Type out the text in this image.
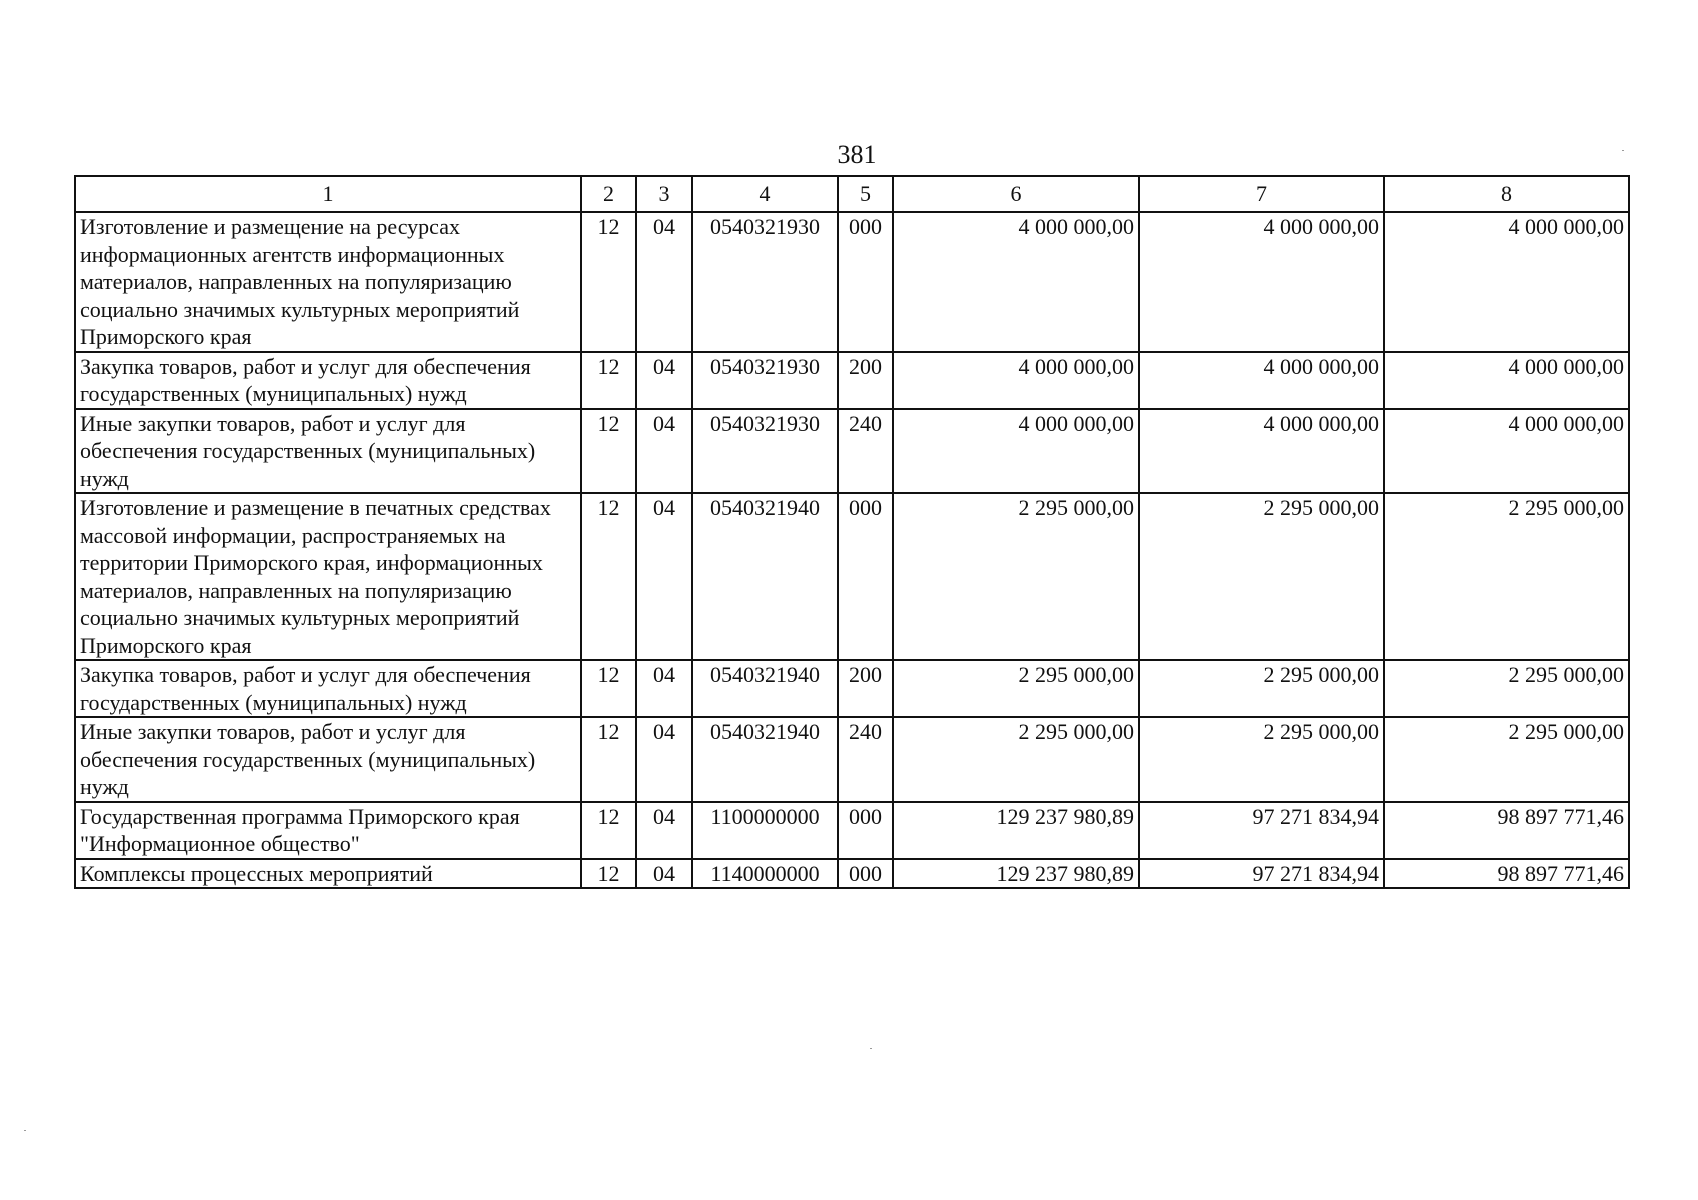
381
1	2	3	4	5	6	7	8
Изготовление и размещение на ресурсах информационных агентств информационных материалов, направленных на популяризацию социально значимых культурных мероприятий Приморского края	12	04	0540321930	000	4 000 000,00	4 000 000,00	4 000 000,00
Закупка товаров, работ и услуг для обеспечения государственных (муниципальных) нужд	12	04	0540321930	200	4 000 000,00	4 000 000,00	4 000 000,00
Иные закупки товаров, работ и услуг для обеспечения государственных (муниципальных) нужд	12	04	0540321930	240	4 000 000,00	4 000 000,00	4 000 000,00
Изготовление и размещение в печатных средствах массовой информации, распространяемых на территории Приморского края, информационных материалов, направленных на популяризацию социально значимых культурных мероприятий Приморского края	12	04	0540321940	000	2 295 000,00	2 295 000,00	2 295 000,00
Закупка товаров, работ и услуг для обеспечения государственных (муниципальных) нужд	12	04	0540321940	200	2 295 000,00	2 295 000,00	2 295 000,00
Иные закупки товаров, работ и услуг для обеспечения государственных (муниципальных) нужд	12	04	0540321940	240	2 295 000,00	2 295 000,00	2 295 000,00
Государственная программа Приморского края "Информационное общество"	12	04	1100000000	000	129 237 980,89	97 271 834,94	98 897 771,46
Комплексы процессных мероприятий	12	04	1140000000	000	129 237 980,89	97 271 834,94	98 897 771,46
